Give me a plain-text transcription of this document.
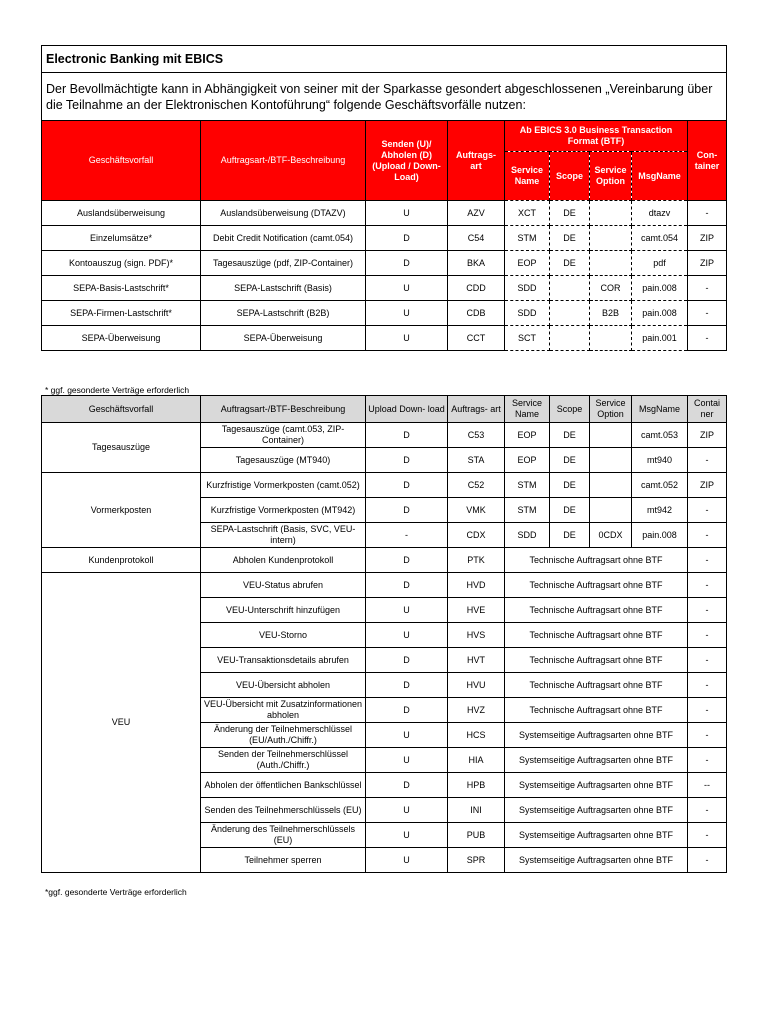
Electronic Banking mit EBICS								
Der Bevollmächtigte kann in Abhängigkeit von seiner mit der Sparkasse gesondert abgeschlossenen „Vereinbarung über die Teilnahme an der Elektronischen Kontoführung“ folgende Geschäftsvorfälle nutzen:								
Geschäftsvorfall	Auftragsart-/BTF-Beschreibung	Senden (U)/ Abholen (D) (Upload / Down- Load)	Auftrags- art	Ab EBICS 3.0 Business Transaction Format (BTF)				Con- tainer
				Service Name	Scope	Service Option	MsgName	
Auslandsüberweisung	Auslandsüberweisung (DTAZV)	U	AZV	XCT	DE		dtazv	-
Einzelumsätze*	Debit Credit Notification (camt.054)	D	C54	STM	DE		camt.054	ZIP
Kontoauszug (sign. PDF)*	Tagesauszüge (pdf, ZIP-Container)	D	BKA	EOP	DE		pdf	ZIP
SEPA-Basis-Lastschrift*	SEPA-Lastschrift (Basis)	U	CDD	SDD		COR	pain.008	-
SEPA-Firmen-Lastschrift*	SEPA-Lastschrift (B2B)	U	CDB	SDD		B2B	pain.008	-
SEPA-Überweisung	SEPA-Überweisung	U	CCT	SCT			pain.001	-
* ggf. gesonderte Verträge erforderlich
Geschäftsvorfall	Auftragsart-/BTF-Beschreibung	Upload Down- load	Auftrags- art	Service Name	Scope	Service Option	MsgName	Contai ner
Tagesauszüge	Tagesauszüge (camt.053, ZIP-Container)	D	C53	EOP	DE		camt.053	ZIP
	Tagesauszüge (MT940)	D	STA	EOP	DE		mt940	-
Vormerkposten	Kurzfristige Vormerkposten (camt.052)	D	C52	STM	DE		camt.052	ZIP
	Kurzfristige Vormerkposten (MT942)	D	VMK	STM	DE		mt942	-
	SEPA-Lastschrift (Basis, SVC, VEU-intern)	-	CDX	SDD	DE	0CDX	pain.008	-
Kundenprotokoll	Abholen Kundenprotokoll	D	PTK	Technische Auftragsart ohne BTF				-
VEU	VEU-Status abrufen	D	HVD	Technische Auftragsart ohne BTF				-
	VEU-Unterschrift hinzufügen	U	HVE	Technische Auftragsart ohne BTF				-
	VEU-Storno	U	HVS	Technische Auftragsart ohne BTF				-
	VEU-Transaktionsdetails abrufen	D	HVT	Technische Auftragsart ohne BTF				-
	VEU-Übersicht abholen	D	HVU	Technische Auftragsart ohne BTF				-
	VEU-Übersicht mit Zusatzinformationen abholen	D	HVZ	Technische Auftragsart ohne BTF				-
	Änderung der Teilnehmerschlüssel (EU/Auth./Chiffr.)	U	HCS	Systemseitige Auftragsarten ohne BTF				-
	Senden der Teilnehmerschlüssel (Auth./Chiffr.)	U	HIA	Systemseitige Auftragsarten ohne BTF				-
	Abholen der öffentlichen Bankschlüssel	D	HPB	Systemseitige Auftragsarten ohne BTF				--
	Senden des Teilnehmerschlüssels (EU)	U	INI	Systemseitige Auftragsarten ohne BTF				-
	Änderung des Teilnehmerschlüssels (EU)	U	PUB	Systemseitige Auftragsarten ohne BTF				-
	Teilnehmer sperren	U	SPR	Systemseitige Auftragsarten ohne BTF				-
*ggf. gesonderte Verträge erforderlich
